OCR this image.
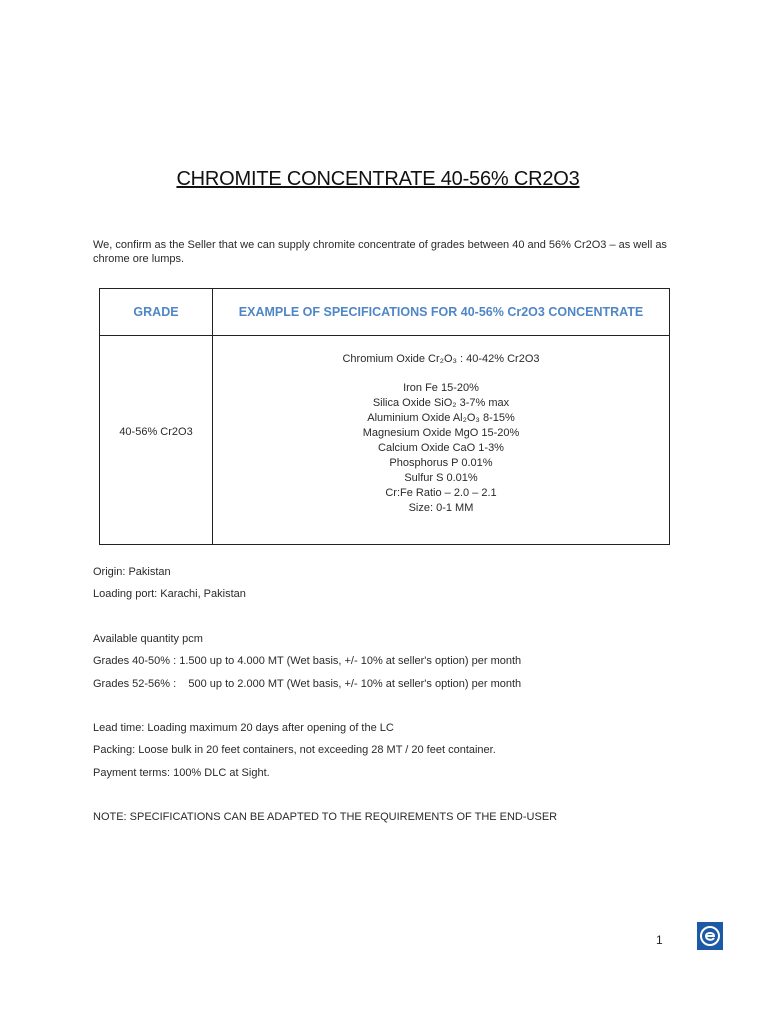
CHROMITE CONCENTRATE 40-56% CR2O3
We, confirm as the Seller that we can supply chromite concentrate of grades between 40 and 56% Cr2O3 – as well as chrome ore lumps.
GRADE	EXAMPLE OF SPECIFICATIONS FOR 40-56% Cr2O3 CONCENTRATE
40-56% Cr2O3
Chromium Oxide Cr₂O₃ : 40-42% Cr2O3
Iron Fe 15-20%
Silica Oxide SiO₂ 3-7% max
Aluminium Oxide Al₂O₃ 8-15%
Magnesium Oxide MgO 15-20%
Calcium Oxide CaO 1-3%
Phosphorus P 0.01%
Sulfur S 0.01%
Cr:Fe Ratio – 2.0 – 2.1
Size: 0-1 MM
Origin: Pakistan
Loading port: Karachi, Pakistan
Available quantity pcm
Grades 40-50% : 1.500 up to 4.000 MT (Wet basis, +/- 10% at seller's option) per month
Grades 52-56% :    500 up to 2.000 MT (Wet basis, +/- 10% at seller's option) per month
Lead time: Loading maximum 20 days after opening of the LC
Packing: Loose bulk in 20 feet containers, not exceeding 28 MT / 20 feet container.
Payment terms: 100% DLC at Sight.
NOTE: SPECIFICATIONS CAN BE ADAPTED TO THE REQUIREMENTS OF THE END-USER
1
